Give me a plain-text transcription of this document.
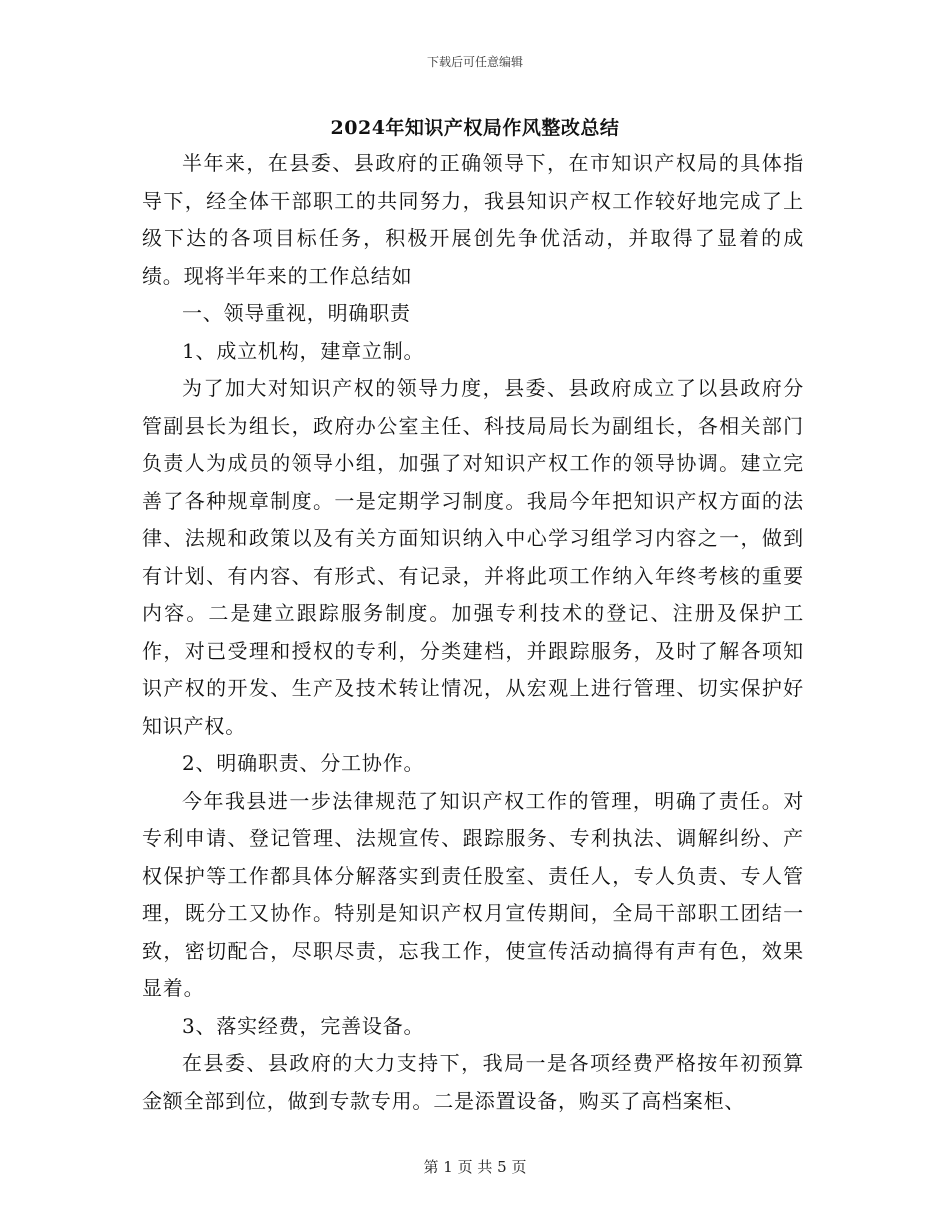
下载后可任意编辑
2024年知识产权局作风整改总结

半年来，在县委、县政府的正确领导下，在市知识产权局的具体指导下，经全体干部职工的共同努力，我县知识产权工作较好地完成了上级下达的各项目标任务，积极开展创先争优活动，并取得了显着的成绩。现将半年来的工作总结如

一、领导重视，明确职责

1、成立机构，建章立制。

为了加大对知识产权的领导力度，县委、县政府成立了以县政府分管副县长为组长，政府办公室主任、科技局局长为副组长，各相关部门负责人为成员的领导小组，加强了对知识产权工作的领导协调。建立完善了各种规章制度。一是定期学习制度。我局今年把知识产权方面的法律、法规和政策以及有关方面知识纳入中心学习组学习内容之一，做到有计划、有内容、有形式、有记录，并将此项工作纳入年终考核的重要内容。二是建立跟踪服务制度。加强专利技术的登记、注册及保护工作，对已受理和授权的专利，分类建档，并跟踪服务，及时了解各项知识产权的开发、生产及技术转让情况，从宏观上进行管理、切实保护好知识产权。

2、明确职责、分工协作。

今年我县进一步法律规范了知识产权工作的管理，明确了责任。对专利申请、登记管理、法规宣传、跟踪服务、专利执法、调解纠纷、产权保护等工作都具体分解落实到责任股室、责任人，专人负责、专人管理，既分工又协作。特别是知识产权月宣传期间，全局干部职工团结一致，密切配合，尽职尽责，忘我工作，使宣传活动搞得有声有色，效果显着。

3、落实经费，完善设备。

在县委、县政府的大力支持下，我局一是各项经费严格按年初预算金额全部到位，做到专款专用。二是添置设备，购买了高档案柜、

第 1 页 共 5 页
